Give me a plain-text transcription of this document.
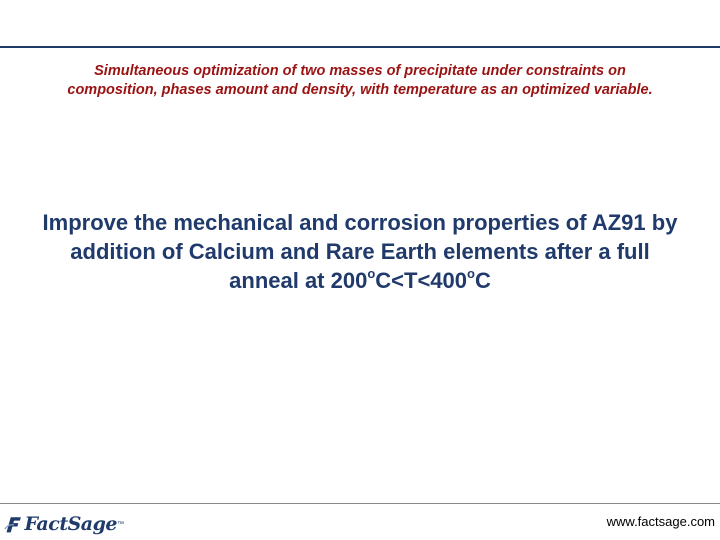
Simultaneous optimization of two masses of precipitate under constraints on
composition, phases amount and density, with temperature as an optimized variable.
Improve the mechanical and corrosion properties of AZ91 by
addition of Calcium and Rare Earth elements after a full
anneal at $200^oC<T<400^oC$
FactSage ™	www.factsage.com
